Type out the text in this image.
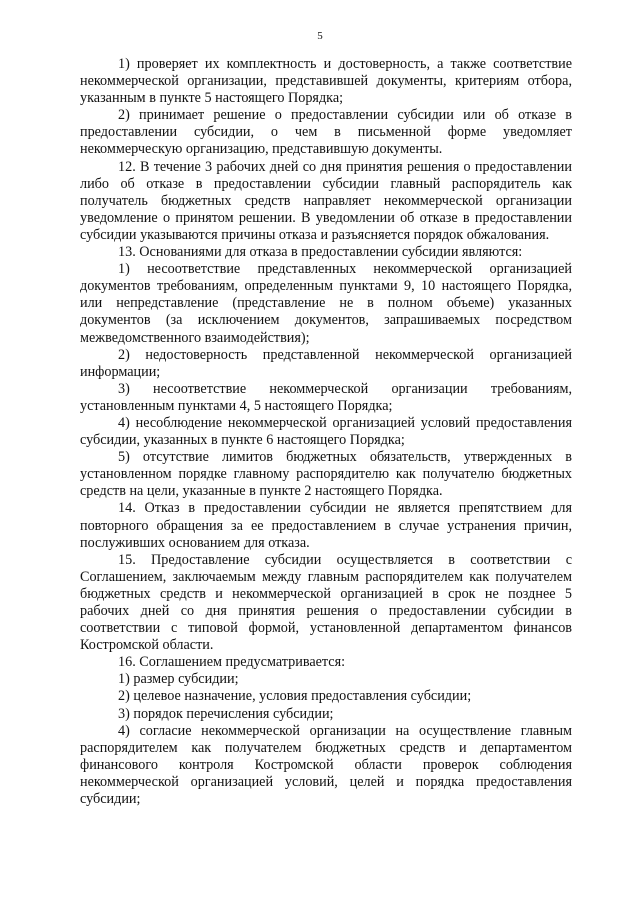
5

1) проверяет их комплектность и достоверность, а также соответствие некоммерческой организации, представившей документы, критериям отбора, указанным в пункте 5 настоящего Порядка;

2) принимает решение о предоставлении субсидии или об отказе в предоставлении субсидии, о чем в письменной форме уведомляет некоммерческую организацию, представившую документы.

12. В течение 3 рабочих дней со дня принятия решения о предоставлении либо об отказе в предоставлении субсидии главный распорядитель как получатель бюджетных средств направляет некоммерческой организации уведомление о принятом решении. В уведомлении об отказе в предоставлении субсидии указываются причины отказа и разъясняется порядок обжалования.

13. Основаниями для отказа в предоставлении субсидии являются:

1) несоответствие представленных некоммерческой организацией документов требованиям, определенным пунктами 9, 10 настоящего Порядка, или непредставление (представление не в полном объеме) указанных документов (за исключением документов, запрашиваемых посредством межведомственного взаимодействия);

2) недостоверность представленной некоммерческой организацией информации;

3) несоответствие некоммерческой организации требованиям, установленным пунктами 4, 5 настоящего Порядка;

4) несоблюдение некоммерческой организацией условий предоставления субсидии, указанных в пункте 6 настоящего Порядка;

5) отсутствие лимитов бюджетных обязательств, утвержденных в установленном порядке главному распорядителю как получателю бюджетных средств на цели, указанные в пункте 2 настоящего Порядка.

14. Отказ в предоставлении субсидии не является препятствием для повторного обращения за ее предоставлением в случае устранения причин, послуживших основанием для отказа.

15. Предоставление субсидии осуществляется в соответствии с Соглашением, заключаемым между главным распорядителем как получателем бюджетных средств и некоммерческой организацией в срок не позднее 5 рабочих дней со дня принятия решения о предоставлении субсидии в соответствии с типовой формой, установленной департаментом финансов Костромской области.

16. Соглашением предусматривается:

1) размер субсидии;

2) целевое назначение, условия предоставления субсидии;

3) порядок перечисления субсидии;

4) согласие некоммерческой организации на осуществление главным распорядителем как получателем бюджетных средств и департаментом финансового контроля Костромской области проверок соблюдения некоммерческой организацией условий, целей и порядка предоставления субсидии;
